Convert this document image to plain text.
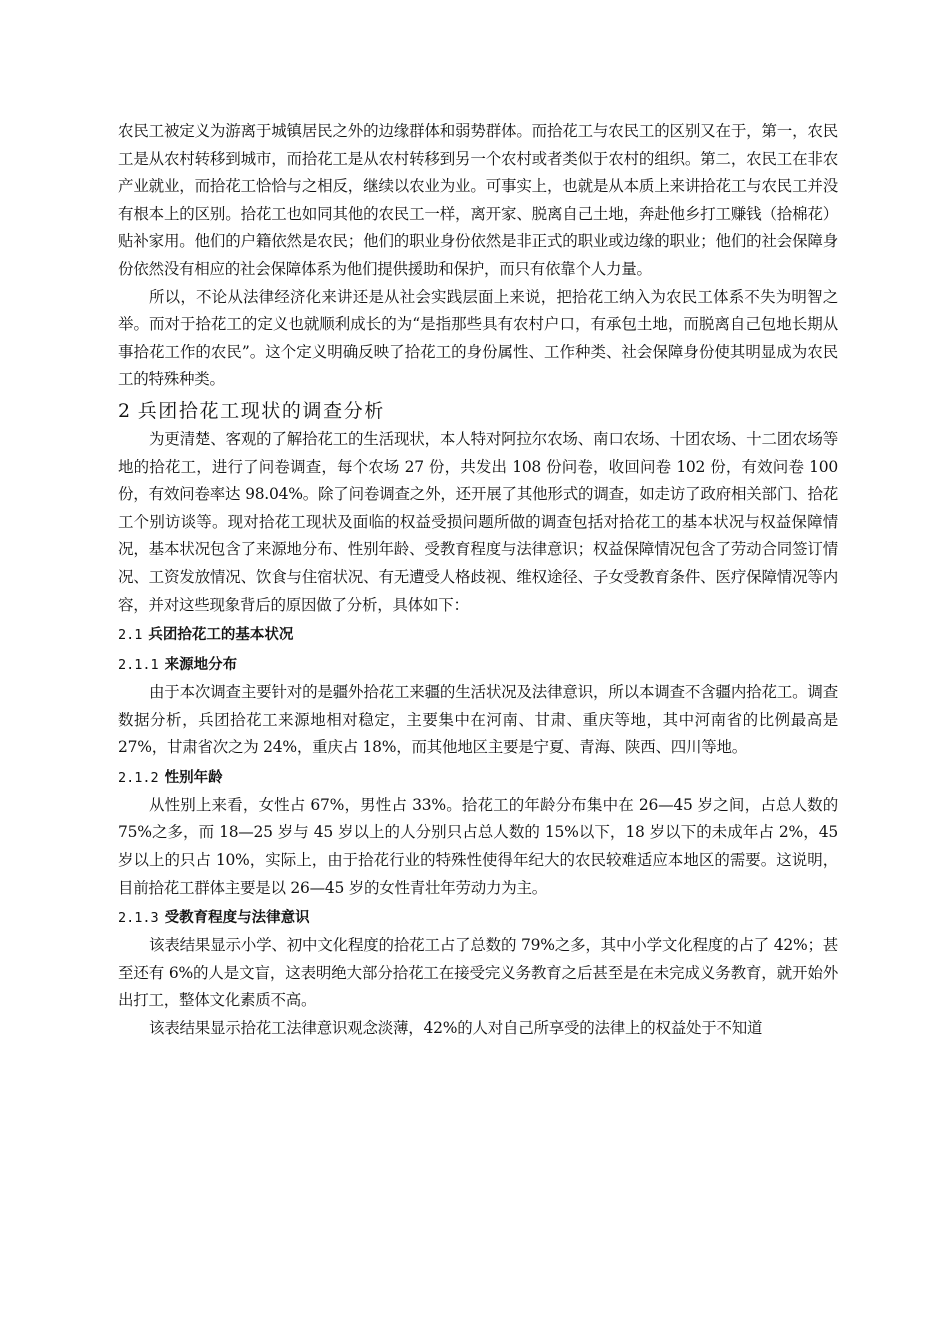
农民工被定义为游离于城镇居民之外的边缘群体和弱势群体。而拾花工与农民工的区别又在于，第一，农民工是从农村转移到城市，而拾花工是从农村转移到另一个农村或者类似于农村的组织。第二，农民工在非农产业就业，而拾花工恰恰与之相反，继续以农业为业。可事实上，也就是从本质上来讲拾花工与农民工并没有根本上的区别。拾花工也如同其他的农民工一样，离开家、脱离自己土地，奔赴他乡打工赚钱（拾棉花）贴补家用。他们的户籍依然是农民；他们的职业身份依然是非正式的职业或边缘的职业；他们的社会保障身份依然没有相应的社会保障体系为他们提供援助和保护，而只有依靠个人力量。

所以，不论从法律经济化来讲还是从社会实践层面上来说，把拾花工纳入为农民工体系不失为明智之举。而对于拾花工的定义也就顺利成长的为“是指那些具有农村户口，有承包土地，而脱离自己包地长期从事拾花工作的农民”。这个定义明确反映了拾花工的身份属性、工作种类、社会保障身份使其明显成为农民工的特殊种类。

2 兵团拾花工现状的调查分析

为更清楚、客观的了解拾花工的生活现状，本人特对阿拉尔农场、南口农场、十团农场、十二团农场等地的拾花工，进行了问卷调查，每个农场 27 份，共发出 108 份问卷，收回问卷 102 份，有效问卷 100 份，有效问卷率达 98.04%。除了问卷调查之外，还开展了其他形式的调查，如走访了政府相关部门、拾花工个别访谈等。现对拾花工现状及面临的权益受损问题所做的调查包括对拾花工的基本状况与权益保障情况，基本状况包含了来源地分布、性别年龄、受教育程度与法律意识；权益保障情况包含了劳动合同签订情况、工资发放情况、饮食与住宿状况、有无遭受人格歧视、维权途径、子女受教育条件、医疗保障情况等内容，并对这些现象背后的原因做了分析，具体如下：

2.1 兵团拾花工的基本状况
2.1.1 来源地分布

由于本次调查主要针对的是疆外拾花工来疆的生活状况及法律意识，所以本调查不含疆内拾花工。调查数据分析，兵团拾花工来源地相对稳定，主要集中在河南、甘肃、重庆等地，其中河南省的比例最高是 27%，甘肃省次之为 24%，重庆占 18%，而其他地区主要是宁夏、青海、陕西、四川等地。

2.1.2 性别年龄

从性别上来看，女性占 67%，男性占 33%。拾花工的年龄分布集中在 26—45 岁之间，占总人数的 75%之多，而 18—25 岁与 45 岁以上的人分别只占总人数的 15%以下，18 岁以下的未成年占 2%，45 岁以上的只占 10%，实际上，由于拾花行业的特殊性使得年纪大的农民较难适应本地区的需要。这说明，目前拾花工群体主要是以 26—45 岁的女性青壮年劳动力为主。

2.1.3 受教育程度与法律意识

该表结果显示小学、初中文化程度的拾花工占了总数的 79%之多，其中小学文化程度的占了 42%；甚至还有 6%的人是文盲，这表明绝大部分拾花工在接受完义务教育之后甚至是在未完成义务教育，就开始外出打工，整体文化素质不高。

该表结果显示拾花工法律意识观念淡薄，42%的人对自己所享受的法律上的权益处于不知道
